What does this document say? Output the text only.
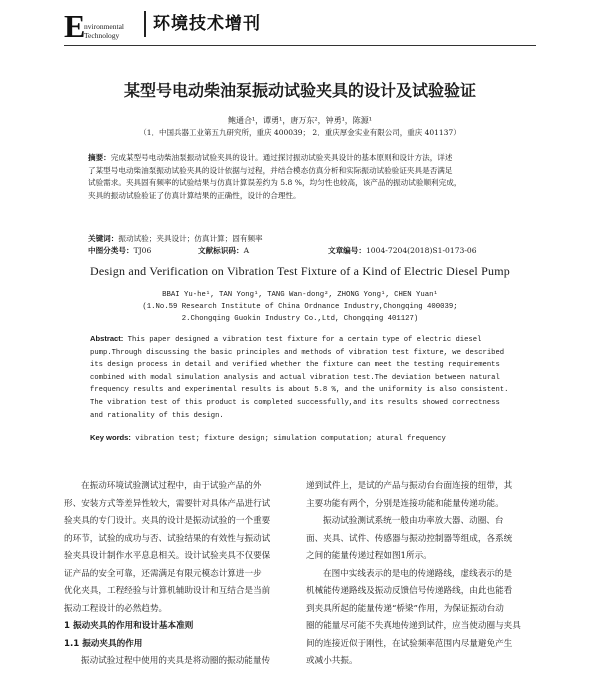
E
nvironmental
Technology
环境技术增刊
某型号电动柴油泵振动试验夹具的设计及试验验证
鲍通合¹，谭勇¹，唐万东²，钟勇¹，陈源¹
（1．中国兵器工业第五九研究所，重庆 400039； 2．重庆厚金实业有限公司，重庆 401137）
摘要：完成某型号电动柴油泵振动试验夹具的设计。通过探讨振动试验夹具设计的基本原则和设计方法，详述
了某型号电动柴油泵振动试验夹具的设计依据与过程，并结合模态仿真分析和实际振动试验验证夹具是否满足
试验需求。夹具固有频率的试验结果与仿真计算误差约为 5.8 %，均匀性也较高，该产品的振动试验顺利完成，
夹具的振动试验验证了仿真计算结果的正确性，设计的合理性。
关键词：振动试验；夹具设计；仿真计算；固有频率
中图分类号：TJ06	文献标识码：A	文章编号：1004-7204(2018)S1-0173-06
Design and Verification on Vibration Test Fixture of a Kind of Electric Diesel Pump
BBAI Yu-he¹, TAN Yong¹, TANG Wan-dong², ZHONG Yong¹, CHEN Yuan¹
(1.No.59 Research Institute of China Ordnance Industry,Chongqing 400039;
2.Chongqing Guokin Industry Co.,Ltd, Chongqing 401127)
Abstract: This paper designed a vibration test fixture for a certain type of electric diesel
pump.Through discussing the basic principles and methods of vibration test fixture, we described
its design process in detail and verified whether the fixture can meet the testing requirements
combined with modal simulation analysis and actual vibration test.The deviation between natural
frequency results and experimental results is about 5.8 %, and the uniformity is also consistent.
The vibration test of this product is completed successfully,and its results showed correctness
and rationality of this design.
Key words: vibration test; fixture design; simulation computation; atural frequency
在振动环境试验测试过程中，由于试验产品的外
形、安装方式等差异性较大，需要针对具体产品进行试
验夹具的专门设计。夹具的设计是振动试验的一个重要
的环节，试验的成功与否、试验结果的有效性与振动试
验夹具设计制作水平息息相关。设计试验夹具不仅要保
证产品的安全可靠，还需满足有限元模态计算进一步
优化夹具，工程经验与计算机辅助设计和互结合是当前
振动工程设计的必然趋势。
1 振动夹具的作用和设计基本准则
1.1 振动夹具的作用
振动试验过程中使用的夹具是将动圈的振动能量传
递到试件上，是试的产品与振动台台面连接的纽带，其
主要功能有两个，分别是连接功能和能量传递功能。
振动试验测试系统一般由功率放大器、动圈、台
面、夹具、试件、传感器与振动控制器等组成，各系统
之间的能量传递过程如图1所示。
在图中实线表示的是电的传递路线，虚线表示的是
机械能传递路线及振动反馈信号传递路线，由此也能看
到夹具所起的能量传递“桥梁”作用，为保证振动台动
圈的能量尽可能不失真地传递到试件，应当使动圈与夹具
间的连接近似于刚性，在试验频率范围内尽量避免产生
或减小共振。
